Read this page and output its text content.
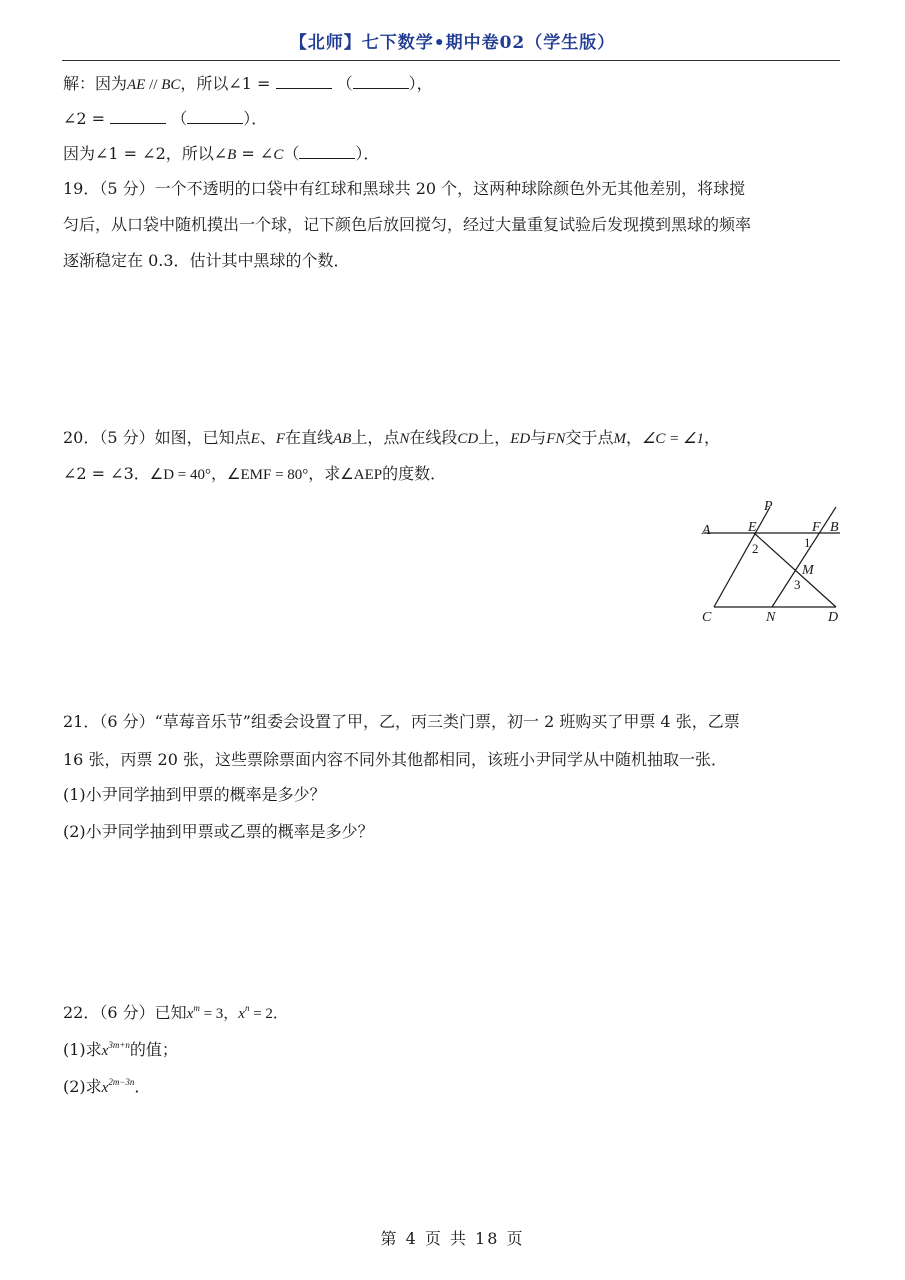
【北师】七下数学•期中卷02（学生版）
解：因为AE // BC，所以∠1 =	（	），
∠2 =	（	）．
因为∠1 = ∠2，所以∠B = ∠C（	）．
19．（5 分）一个不透明的口袋中有红球和黑球共 20 个，这两种球除颜色外无其他差别，将球搅
匀后，从口袋中随机摸出一个球，记下颜色后放回搅匀，经过大量重复试验后发现摸到黑球的频率
逐渐稳定在 0.3．估计其中黑球的个数．
20．（5 分）如图，已知点E、F在直线AB上，点N在线段CD上，ED与FN交于点M，∠C = ∠1，
∠2 = ∠3．∠D = 40°，∠EMF = 80°，求∠AEP的度数．
A	B
C	D
E	F
M
N
P
1
2
3
21．（6 分）“草莓音乐节”组委会设置了甲，乙，丙三类门票，初一 2 班购买了甲票 4 张，乙票
16 张，丙票 20 张，这些票除票面内容不同外其他都相同，该班小尹同学从中随机抽取一张．
(1)小尹同学抽到甲票的概率是多少？
(2)小尹同学抽到甲票或乙票的概率是多少？
22．（6 分）已知$x^m = 3$，$x^n = 2$．
(1)求$x^{3m+n}$的值；
(2)求$x^{2m-3n}$．
第 4 页 共 18 页
